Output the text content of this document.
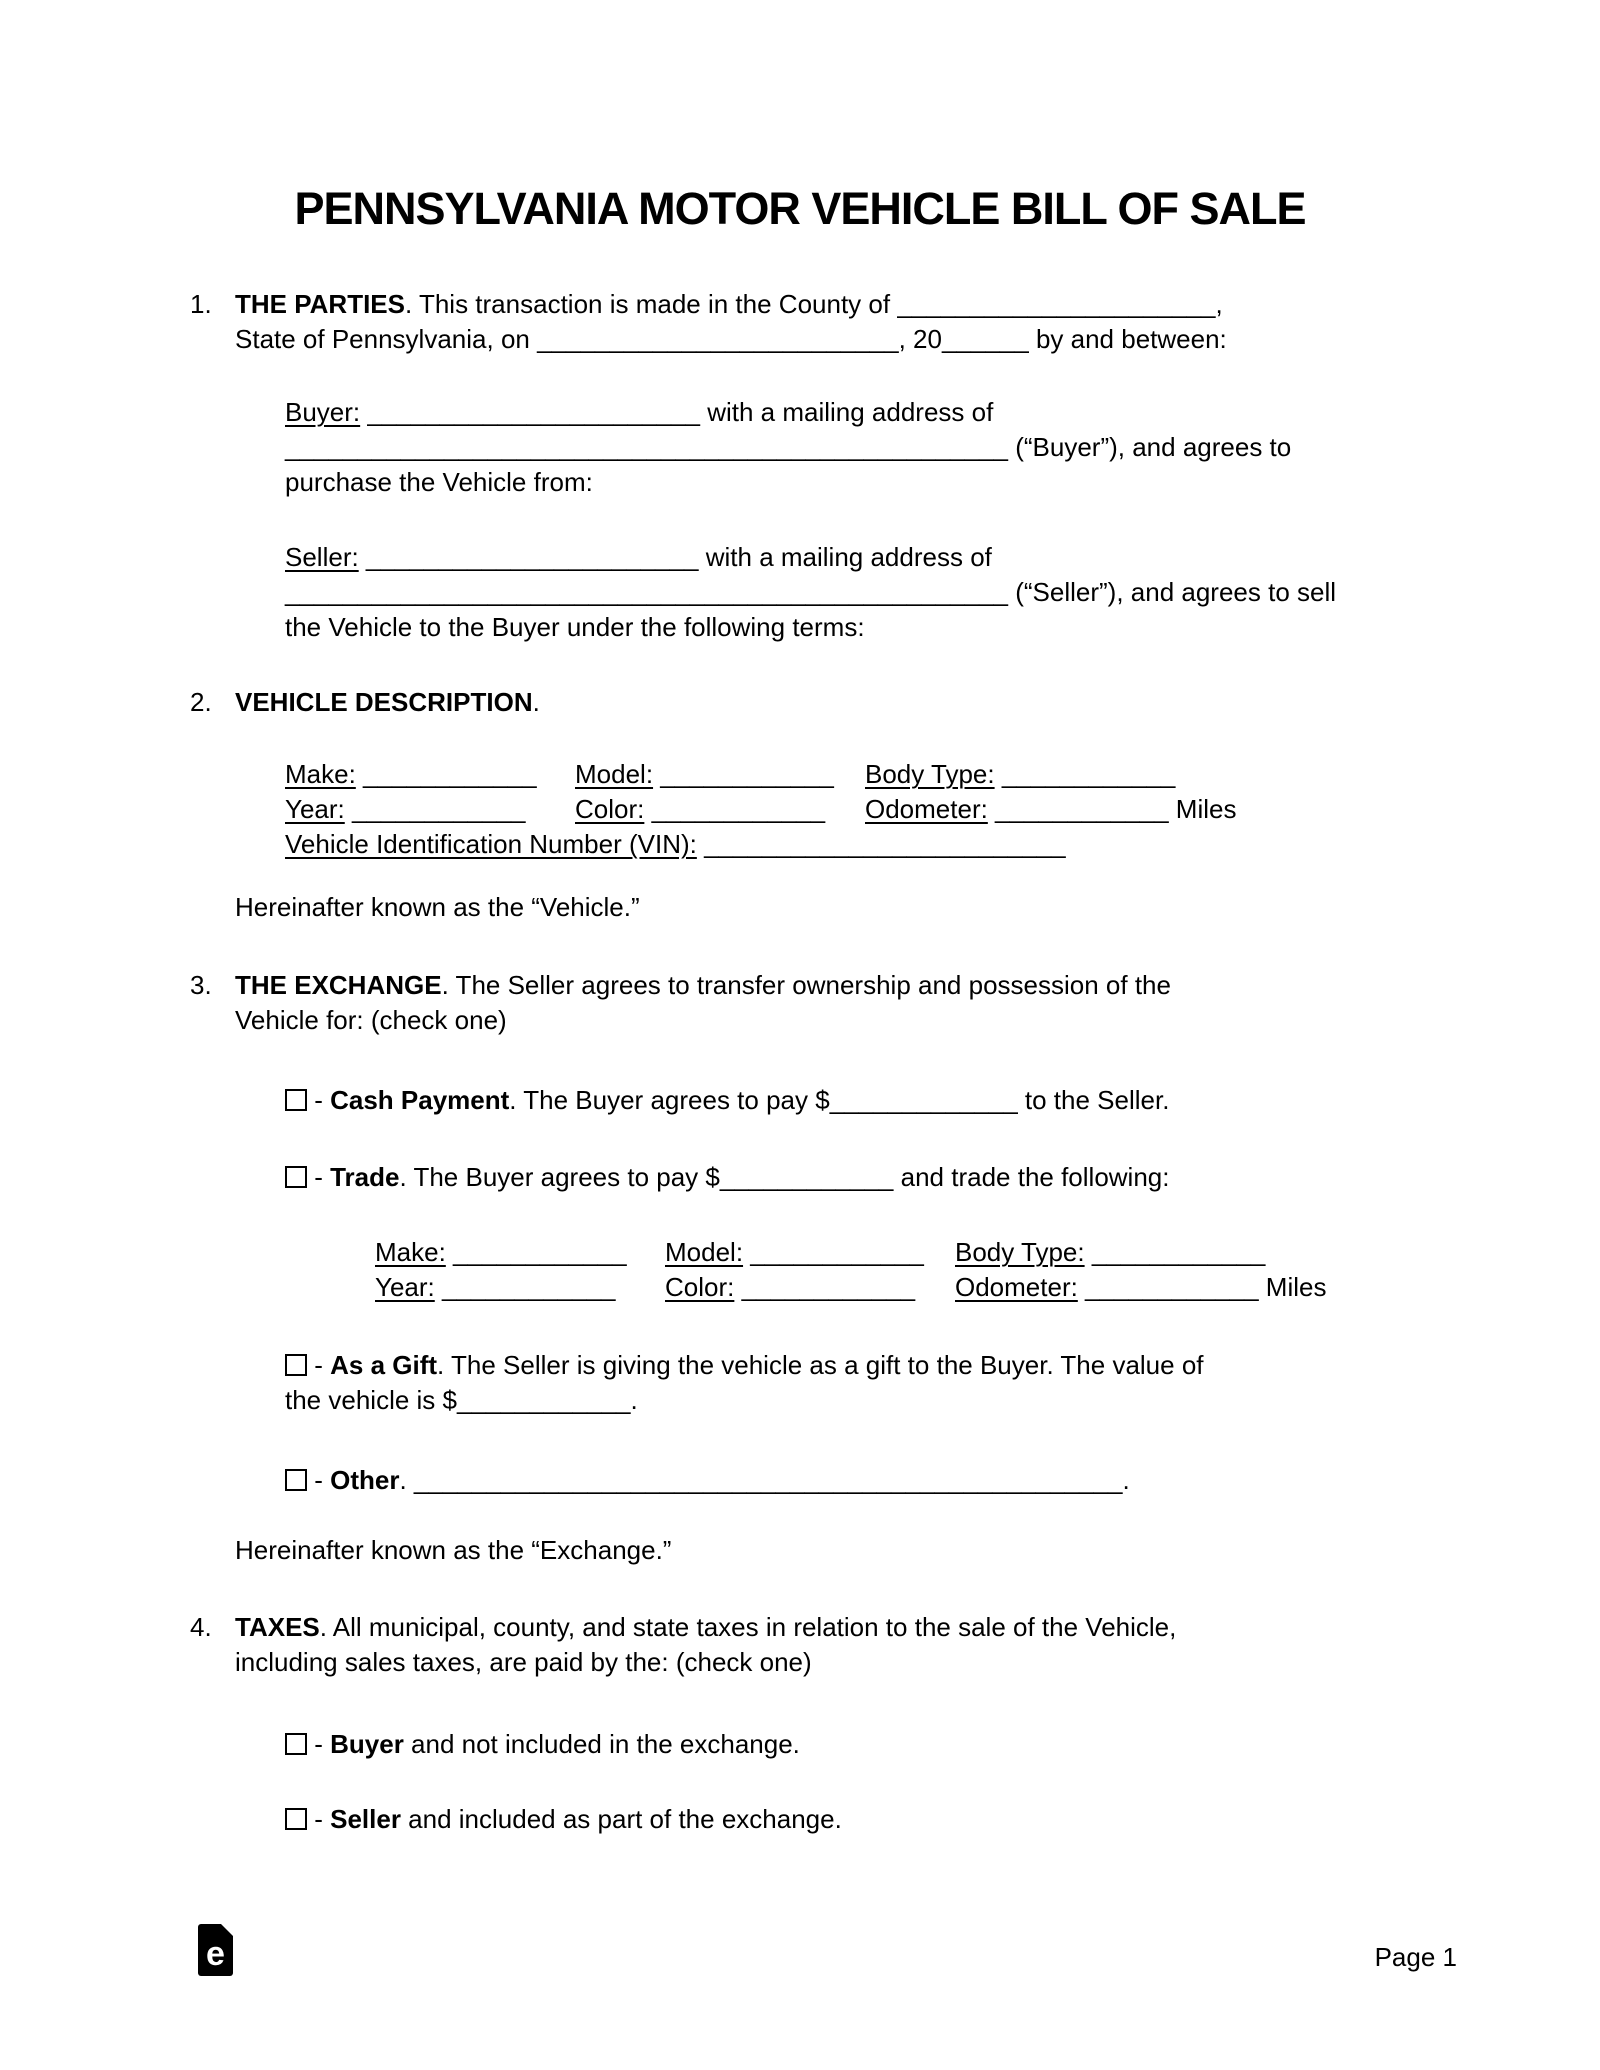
PENNSYLVANIA MOTOR VEHICLE BILL OF SALE
1. THE PARTIES. This transaction is made in the County of ______________________,
State of Pennsylvania, on _________________________, 20______ by and between:
Buyer: _______________________ with a mailing address of
__________________________________________________ (“Buyer”), and agrees to
purchase the Vehicle from:
Seller: _______________________ with a mailing address of
__________________________________________________ (“Seller”), and agrees to sell
the Vehicle to the Buyer under the following terms:
2. VEHICLE DESCRIPTION.
Make: ____________ Model: ____________ Body Type: ____________
Year: ____________ Color: ____________ Odometer: ____________ Miles
Vehicle Identification Number (VIN): _________________________
Hereinafter known as the “Vehicle.”
3. THE EXCHANGE. The Seller agrees to transfer ownership and possession of the
Vehicle for: (check one)
- Cash Payment. The Buyer agrees to pay $_____________ to the Seller.
- Trade. The Buyer agrees to pay $____________ and trade the following:
Make: ____________ Model: ____________ Body Type: ____________
Year: ____________ Color: ____________ Odometer: ____________ Miles
- As a Gift. The Seller is giving the vehicle as a gift to the Buyer. The value of
the vehicle is $____________.
- Other. _________________________________________________.
Hereinafter known as the “Exchange.”
4. TAXES. All municipal, county, and state taxes in relation to the sale of the Vehicle,
including sales taxes, are paid by the: (check one)
- Buyer and not included in the exchange.
- Seller and included as part of the exchange.
e	Page 1
